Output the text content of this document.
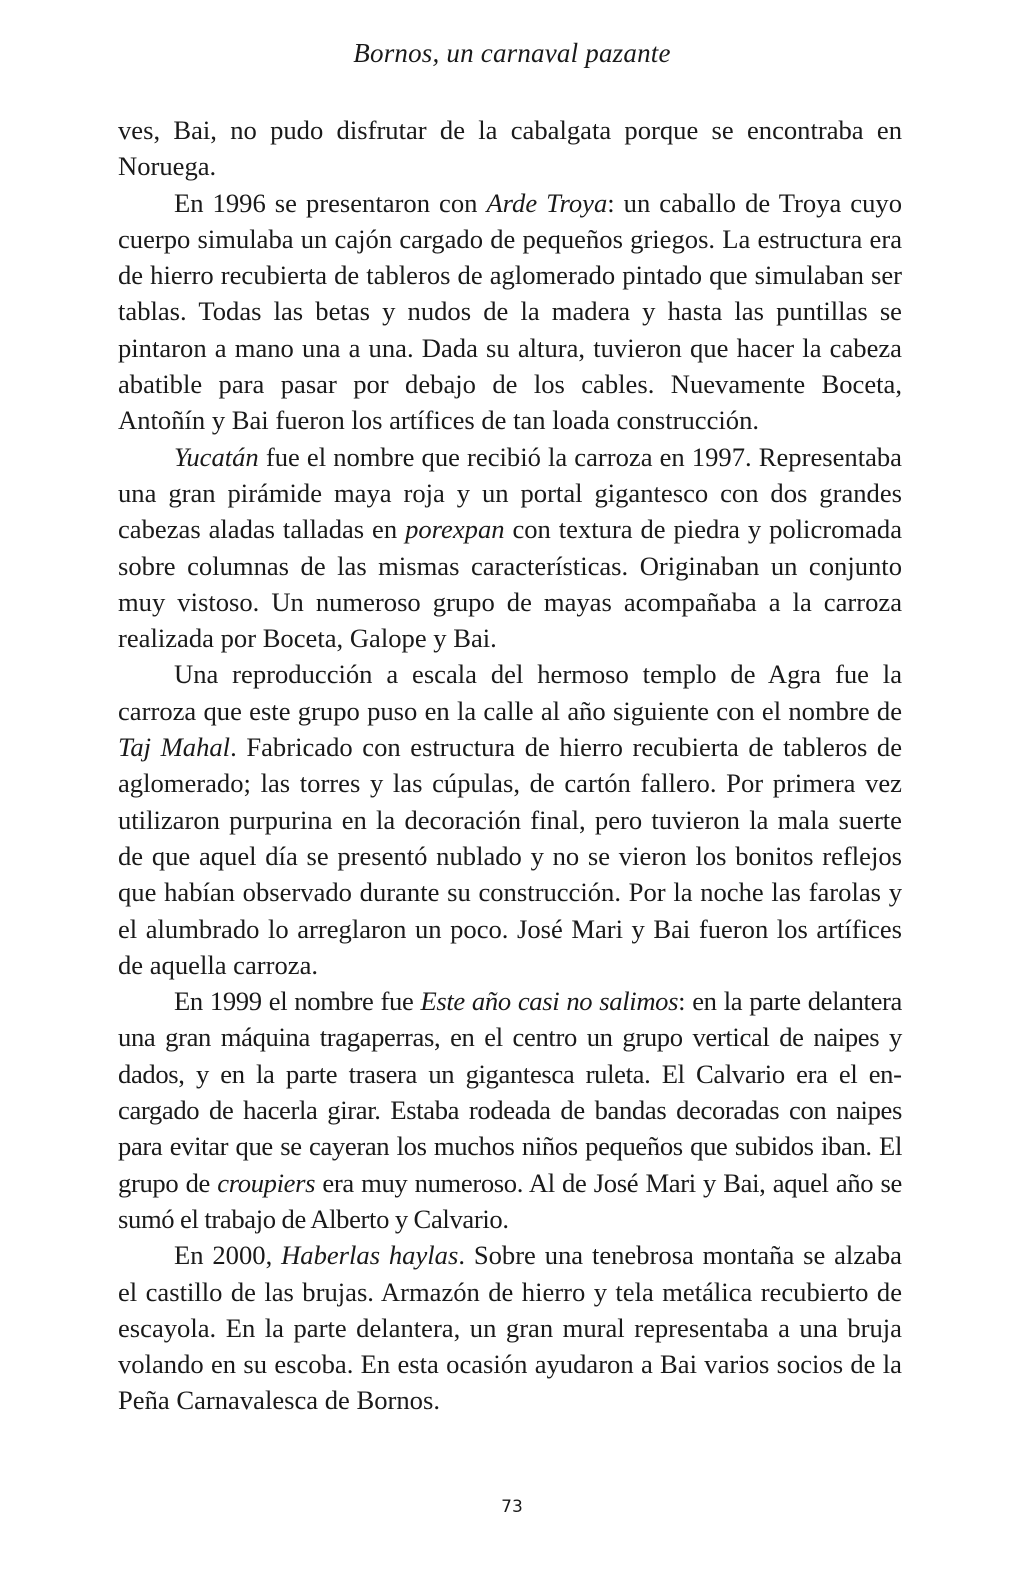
Bornos, un carnaval pazante

ves, Bai, no pudo disfrutar de la cabalgata porque se encontraba en Noruega.

En 1996 se presentaron con Arde Troya: un caballo de Troya cuyo cuerpo simulaba un cajón cargado de pequeños griegos. La estructura era de hierro recubierta de tableros de aglomerado pintado que simulaban ser tablas. Todas las betas y nudos de la madera y hasta las puntillas se pintaron a mano una a una. Dada su altura, tuvieron que hacer la cabeza abatible para pasar por debajo de los cables. Nuevamente Boceta, Antoñín y Bai fueron los artífices de tan loada construcción.

Yucatán fue el nombre que recibió la carroza en 1997. Representaba una gran pirámide maya roja y un portal gigantesco con dos grandes cabezas aladas talladas en porexpan con textura de piedra y policromada sobre columnas de las mismas características. Originaban un conjunto muy vistoso. Un numeroso grupo de mayas acompañaba a la carroza realizada por Boceta, Galope y Bai.

Una reproducción a escala del hermoso templo de Agra fue la carroza que este grupo puso en la calle al año siguiente con el nombre de Taj Mahal. Fabricado con estructura de hierro recubierta de tableros de aglomerado; las torres y las cúpulas, de cartón fallero. Por primera vez utilizaron purpurina en la decoración final, pero tuvieron la mala suerte de que aquel día se presentó nublado y no se vieron los bonitos reflejos que habían observado durante su construcción. Por la noche las farolas y el alumbrado lo arreglaron un poco. José Mari y Bai fueron los artífices de aquella carroza.

En 1999 el nombre fue Este año casi no salimos: en la parte delantera una gran máquina tragaperras, en el centro un grupo vertical de naipes y dados, y en la parte trasera un gigantesca ruleta. El Calvario era el encargado de hacerla girar. Estaba rodeada de bandas decoradas con naipes para evitar que se cayeran los muchos niños pequeños que subidos iban. El grupo de croupiers era muy numeroso. Al de José Mari y Bai, aquel año se sumó el trabajo de Alberto y Calvario.

En 2000, Haberlas haylas. Sobre una tenebrosa montaña se alzaba el castillo de las brujas. Armazón de hierro y tela metálica recubierto de escayola. En la parte delantera, un gran mural representaba a una bruja volando en su escoba. En esta ocasión ayudaron a Bai varios socios de la Peña Carnavalesca de Bornos.

73
